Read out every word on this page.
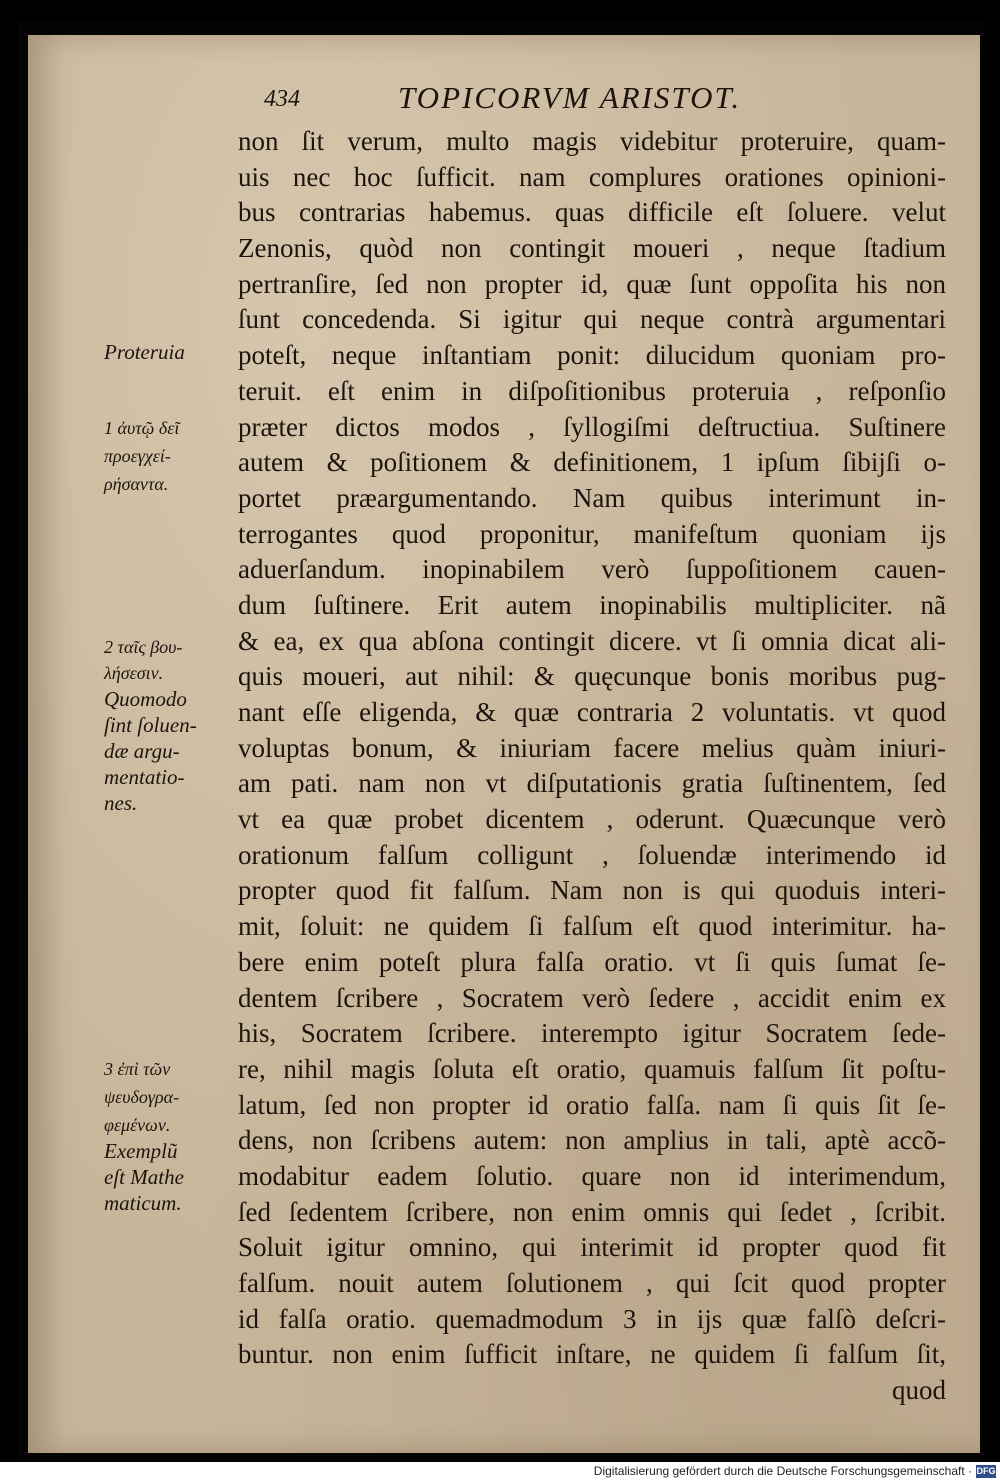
434	TOPICORVM ARISTOT.
non ſit verum, multo magis videbitur proteruire, quam-
uis nec hoc ſufficit. nam complures orationes opinioni-
bus contrarias habemus. quas difficile eſt ſoluere. velut
Zenonis, quòd non contingit moueri , neque ſtadium
pertranſire, ſed non propter id, quæ ſunt oppoſita his non
ſunt concedenda. Si igitur qui neque contrà argumentari
poteſt, neque inſtantiam ponit: dilucidum quoniam pro-
teruit. eſt enim in diſpoſitionibus proteruia , reſponſio
præter dictos modos , ſyllogiſmi deſtructiua. Suſtinere
autem & poſitionem & definitionem, 1 ipſum ſibijſi o-
portet præargumentando. Nam quibus interimunt in-
terrogantes quod proponitur, manifeſtum quoniam ijs
aduerſandum. inopinabilem verò ſuppoſitionem cauen-
dum ſuſtinere. Erit autem inopinabilis multipliciter. nã
& ea, ex qua abſona contingit dicere. vt ſi omnia dicat ali-
quis moueri, aut nihil: & quęcunque bonis moribus pug-
nant eſſe eligenda, & quæ contraria 2 voluntatis. vt quod
voluptas bonum, & iniuriam facere melius quàm iniuri-
am pati. nam non vt diſputationis gratia ſuſtinentem, ſed
vt ea quæ probet dicentem , oderunt. Quæcunque verò
orationum falſum colligunt , ſoluendæ interimendo id
propter quod fit falſum. Nam non is qui quoduis interi-
mit, ſoluit: ne quidem ſi falſum eſt quod interimitur. ha-
bere enim poteſt plura falſa oratio. vt ſi quis ſumat ſe-
dentem ſcribere , Socratem verò ſedere , accidit enim ex
his, Socratem ſcribere. interempto igitur Socratem ſede-
re, nihil magis ſoluta eſt oratio, quamuis falſum ſit poſtu-
latum, ſed non propter id oratio falſa. nam ſi quis ſit ſe-
dens, non ſcribens autem: non amplius in tali, aptè accõ-
modabitur eadem ſolutio. quare non id interimendum,
ſed ſedentem ſcribere, non enim omnis qui ſedet , ſcribit.
Soluit igitur omnino, qui interimit id propter quod fit
falſum. nouit autem ſolutionem , qui ſcit quod propter
id falſa oratio. quemadmodum 3 in ijs quæ falſò deſcri-
buntur. non enim ſufficit inſtare, ne quidem ſi falſum ſit,
quod
Proteruia
1 ἀυτῷ δεῖ
πρoεγχεί-
ρήσαντα.
2 ταῖς βου-
λήσεσιν.
Quomodo
ſint ſoluen-
dæ argu-
mentatio-
nes.
3 ἐπὶ τῶν
ψευδογρα-
φεμένων.
Exemplũ
eſt Mathe
maticum.
Digitalisierung gefördert durch die Deutsche Forschungsgemeinschaft · DFG
